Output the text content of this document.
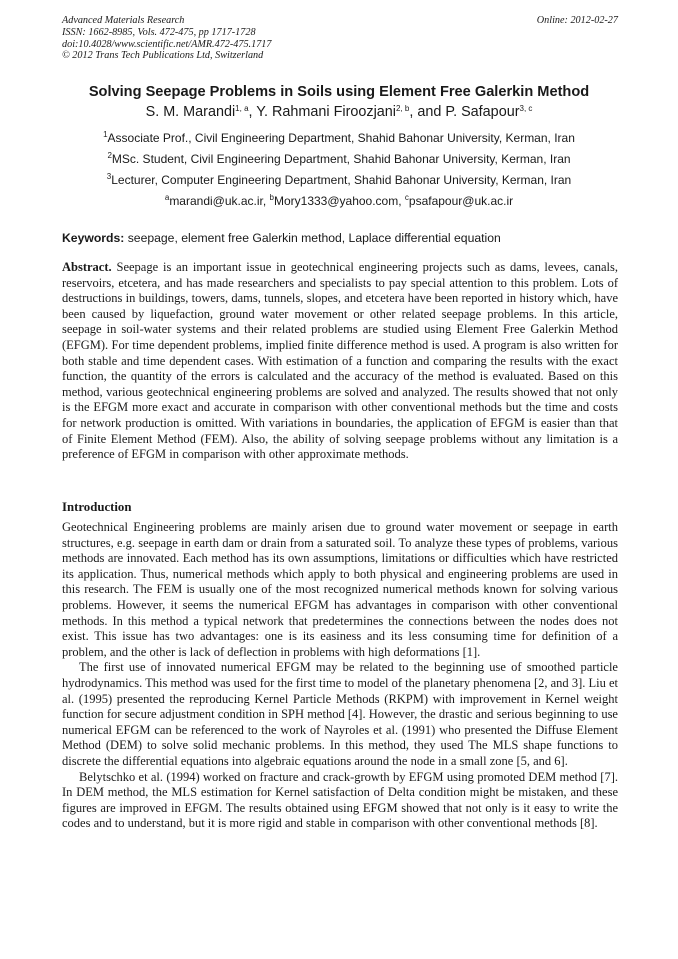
Advanced Materials Research
ISSN: 1662-8985, Vols. 472-475, pp 1717-1728
doi:10.4028/www.scientific.net/AMR.472-475.1717
© 2012 Trans Tech Publications Ltd, Switzerland
Online: 2012-02-27
Solving Seepage Problems in Soils using Element Free Galerkin Method
S. M. Marandi$^{1, a}$, Y. Rahmani Firoozjani$^{2, b}$, and P. Safapour$^{3, c}$
$^1$Associate Prof., Civil Engineering Department, Shahid Bahonar University, Kerman, Iran
$^2$MSc. Student, Civil Engineering Department, Shahid Bahonar University, Kerman, Iran
$^3$Lecturer, Computer Engineering Department, Shahid Bahonar University, Kerman, Iran
$^a$marandi@uk.ac.ir, $^b$Mory1333@yahoo.com, $^c$psafapour@uk.ac.ir
Keywords: seepage, element free Galerkin method, Laplace differential equation
Abstract. Seepage is an important issue in geotechnical engineering projects such as dams, levees, canals, reservoirs, etcetera, and has made researchers and specialists to pay special attention to this problem. Lots of destructions in buildings, towers, dams, tunnels, slopes, and etcetera have been reported in history which, have been caused by liquefaction, ground water movement or other related seepage problems. In this article, seepage in soil-water systems and their related problems are studied using Element Free Galerkin Method (EFGM). For time dependent problems, implied finite difference method is used. A program is also written for both stable and time dependent cases. With estimation of a function and comparing the results with the exact function, the quantity of the errors is calculated and the accuracy of the method is evaluated. Based on this method, various geotechnical engineering problems are solved and analyzed. The results showed that not only is the EFGM more exact and accurate in comparison with other conventional methods but the time and costs for network production is omitted. With variations in boundaries, the application of EFGM is easier than that of Finite Element Method (FEM). Also, the ability of solving seepage problems without any limitation is a preference of EFGM in comparison with other approximate methods.
Introduction
Geotechnical Engineering problems are mainly arisen due to ground water movement or seepage in earth structures, e.g. seepage in earth dam or drain from a saturated soil. To analyze these types of problems, various methods are innovated. Each method has its own assumptions, limitations or difficulties which have restricted its application. Thus, numerical methods which apply to both physical and engineering problems are used in this research. The FEM is usually one of the most recognized numerical methods known for solving various problems. However, it seems the numerical EFGM has advantages in comparison with other conventional methods. In this method a typical network that predetermines the connections between the nodes does not exist. This issue has two advantages: one is its easiness and its less consuming time for definition of a problem, and the other is lack of deflection in problems with high deformations [1].
The first use of innovated numerical EFGM may be related to the beginning use of smoothed particle hydrodynamics. This method was used for the first time to model of the planetary phenomena [2, and 3]. Liu et al. (1995) presented the reproducing Kernel Particle Methods (RKPM) with improvement in Kernel weight function for secure adjustment condition in SPH method [4]. However, the drastic and serious beginning to use numerical EFGM can be referenced to the work of Nayroles et al. (1991) who presented the Diffuse Element Method (DEM) to solve solid mechanic problems. In this method, they used The MLS shape functions to discrete the differential equations into algebraic equations around the node in a small zone [5, and 6].
Belytschko et al. (1994) worked on fracture and crack-growth by EFGM using promoted DEM method [7]. In DEM method, the MLS estimation for Kernel satisfaction of Delta condition might be mistaken, and these figures are improved in EFGM. The results obtained using EFGM showed that not only is it easy to write the codes and to understand, but it is more rigid and stable in comparison with other conventional methods [8].
